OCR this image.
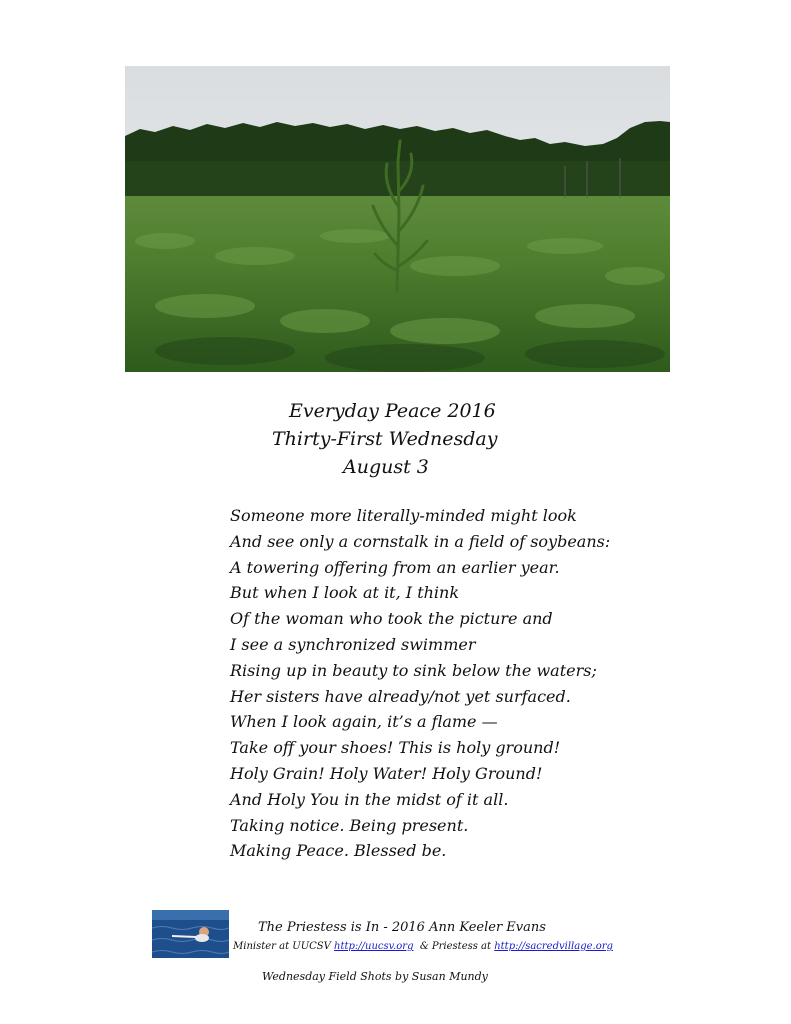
Everyday Peace 2016
Thirty-First Wednesday
August 3
Someone more literally-minded might look
And see only a cornstalk in a field of soybeans:
A towering offering from an earlier year.
But when I look at it, I think
Of the woman who took the picture and
I see a synchronized swimmer
Rising up in beauty to sink below the waters;
Her sisters have already/not yet surfaced.
When I look again, it’s a flame —
Take off your shoes! This is holy ground!
Holy Grain! Holy Water! Holy Ground!
And Holy You in the midst of it all.
Taking notice. Being present.
Making Peace. Blessed be.
The Priestess is In - 2016 Ann Keeler Evans
Minister at UUCSV http://uucsv.org  & Priestess at http://sacredvillage.org
Wednesday Field Shots by Susan Mundy
